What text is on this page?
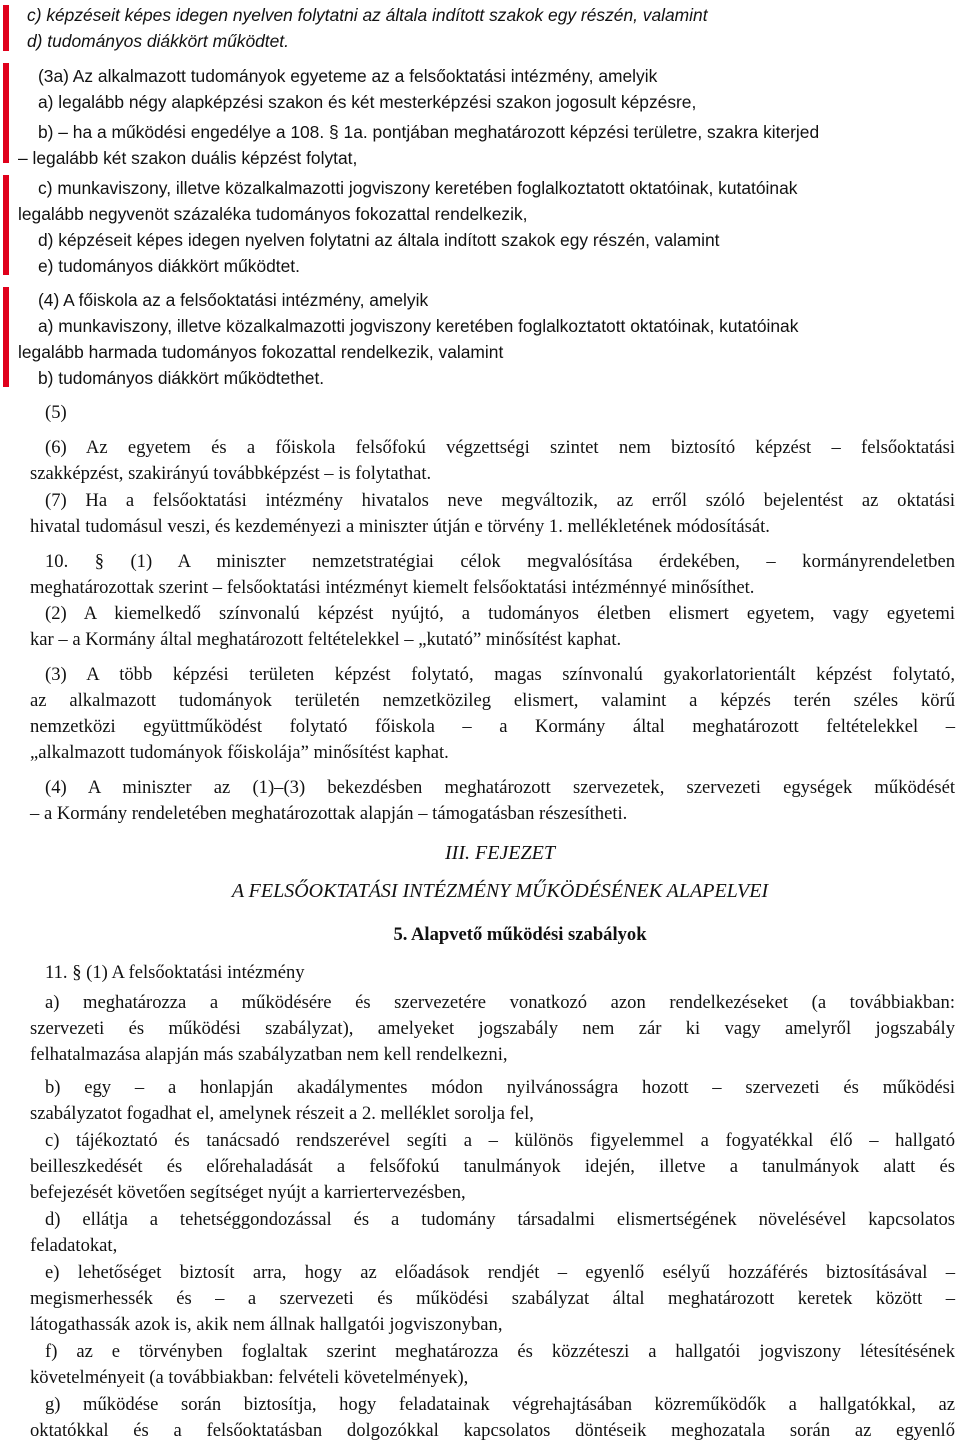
c) képzéseit képes idegen nyelven folytatni az általa indított szakok egy részén, valamint
d) tudományos diákkört működtet.
(3a) Az alkalmazott tudományok egyeteme az a felsőoktatási intézmény, amelyik
a) legalább négy alapképzési szakon és két mesterképzési szakon jogosult képzésre,
b) – ha a működési engedélye a 108. § 1a. pontjában meghatározott képzési területre, szakra kiterjed
– legalább két szakon duális képzést folytat,
c) munkaviszony, illetve közalkalmazotti jogviszony keretében foglalkoztatott oktatóinak, kutatóinak
legalább negyvenöt százaléka tudományos fokozattal rendelkezik,
d) képzéseit képes idegen nyelven folytatni az általa indított szakok egy részén, valamint
e) tudományos diákkört működtet.
(4) A főiskola az a felsőoktatási intézmény, amelyik
a) munkaviszony, illetve közalkalmazotti jogviszony keretében foglalkoztatott oktatóinak, kutatóinak
legalább harmada tudományos fokozattal rendelkezik, valamint
b) tudományos diákkört működtethet.
(5)
(6) Az egyetem és a főiskola felsőfokú végzettségi szintet nem biztosító képzést – felsőoktatási
szakképzést, szakirányú továbbképzést – is folytathat.
(7) Ha a felsőoktatási intézmény hivatalos neve megváltozik, az erről szóló bejelentést az oktatási
hivatal tudomásul veszi, és kezdeményezi a miniszter útján e törvény 1. mellékletének módosítását.
10. § (1) A miniszter nemzetstratégiai célok megvalósítása érdekében, – kormányrendeletben
meghatározottak szerint – felsőoktatási intézményt kiemelt felsőoktatási intézménnyé minősíthet.
(2) A kiemelkedő színvonalú képzést nyújtó, a tudományos életben elismert egyetem, vagy egyetemi
kar – a Kormány által meghatározott feltételekkel – „kutató” minősítést kaphat.
(3) A több képzési területen képzést folytató, magas színvonalú gyakorlatorientált képzést folytató,
az alkalmazott tudományok területén nemzetközileg elismert, valamint a képzés terén széles körű
nemzetközi együttműködést folytató főiskola – a Kormány által meghatározott feltételekkel –
„alkalmazott tudományok főiskolája” minősítést kaphat.
(4) A miniszter az (1)–(3) bekezdésben meghatározott szervezetek, szervezeti egységek működését
– a Kormány rendeletében meghatározottak alapján – támogatásban részesítheti.
III. FEJEZET
A FELSŐOKTATÁSI INTÉZMÉNY MŰKÖDÉSÉNEK ALAPELVEI
5. Alapvető működési szabályok
11. § (1) A felsőoktatási intézmény
a) meghatározza a működésére és szervezetére vonatkozó azon rendelkezéseket (a továbbiakban:
szervezeti és működési szabályzat), amelyeket jogszabály nem zár ki vagy amelyről jogszabály
felhatalmazása alapján más szabályzatban nem kell rendelkezni,
b) egy – a honlapján akadálymentes módon nyilvánosságra hozott – szervezeti és működési
szabályzatot fogadhat el, amelynek részeit a 2. melléklet sorolja fel,
c) tájékoztató és tanácsadó rendszerével segíti a – különös figyelemmel a fogyatékkal élő – hallgató
beilleszkedését és előrehaladását a felsőfokú tanulmányok idején, illetve a tanulmányok alatt és
befejezését követően segítséget nyújt a karriertervezésben,
d) ellátja a tehetséggondozással és a tudomány társadalmi elismertségének növelésével kapcsolatos
feladatokat,
e) lehetőséget biztosít arra, hogy az előadások rendjét – egyenlő esélyű hozzáférés biztosításával –
megismerhessék és – a szervezeti és működési szabályzat által meghatározott keretek között –
látogathassák azok is, akik nem állnak hallgatói jogviszonyban,
f) az e törvényben foglaltak szerint meghatározza és közzéteszi a hallgatói jogviszony létesítésének
követelményeit (a továbbiakban: felvételi követelmények),
g) működése során biztosítja, hogy feladatainak végrehajtásában közreműködők a hallgatókkal, az
oktatókkal és a felsőoktatásban dolgozókkal kapcsolatos döntéseik meghozatala során az egyenlő
